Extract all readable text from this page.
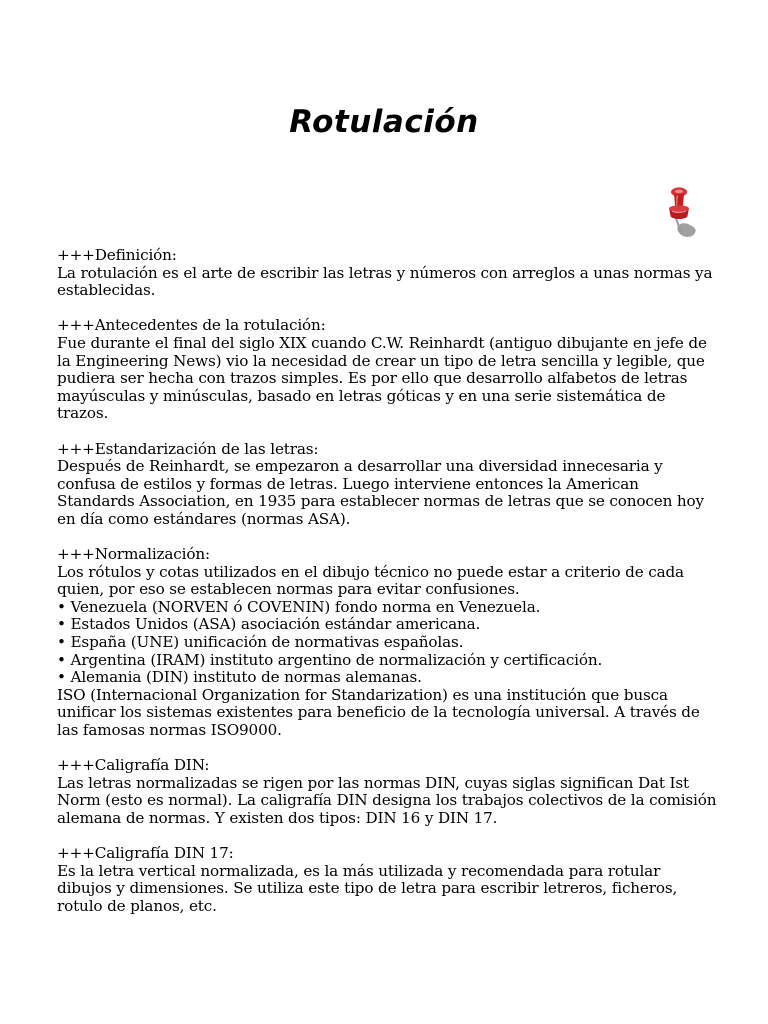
Rotulación
+++Definición:
La rotulación es el arte de escribir las letras y números con arreglos a unas normas ya establecidas.
+++Antecedentes de la rotulación:
Fue durante el final del siglo XIX cuando C.W. Reinhardt (antiguo dibujante en jefe de la Engineering News) vio la necesidad de crear un tipo de letra sencilla y legible, que pudiera ser hecha con trazos simples. Es por ello que desarrollo alfabetos de letras mayúsculas y minúsculas, basado en letras góticas y en una serie sistemática de trazos.
+++Estandarización de las letras:
Después de Reinhardt, se empezaron a desarrollar una diversidad innecesaria y confusa de estilos y formas de letras. Luego interviene entonces la American Standards Association, en 1935 para establecer normas de letras que se conocen hoy en día como estándares (normas ASA).
+++Normalización:
Los rótulos y cotas utilizados en el dibujo técnico no puede estar a criterio de cada quien, por eso se establecen normas para evitar confusiones.
• Venezuela (NORVEN ó COVENIN) fondo norma en Venezuela.
• Estados Unidos (ASA) asociación estándar americana.
• España (UNE) unificación de normativas españolas.
• Argentina (IRAM) instituto argentino de normalización y certificación.
• Alemania (DIN) instituto de normas alemanas.
ISO (Internacional Organization for Standarization) es una institución que busca unificar los sistemas existentes para beneficio de la tecnología universal. A través de las famosas normas ISO9000.
+++Caligrafía DIN:
Las letras normalizadas se rigen por las normas DIN, cuyas siglas significan Dat Ist Norm (esto es normal). La caligrafía DIN designa los trabajos colectivos de la comisión alemana de normas. Y existen dos tipos: DIN 16 y DIN 17.
+++Caligrafía DIN 17:
Es la letra vertical normalizada, es la más utilizada y recomendada para rotular dibujos y dimensiones. Se utiliza este tipo de letra para escribir letreros, ficheros, rotulo de planos, etc.
